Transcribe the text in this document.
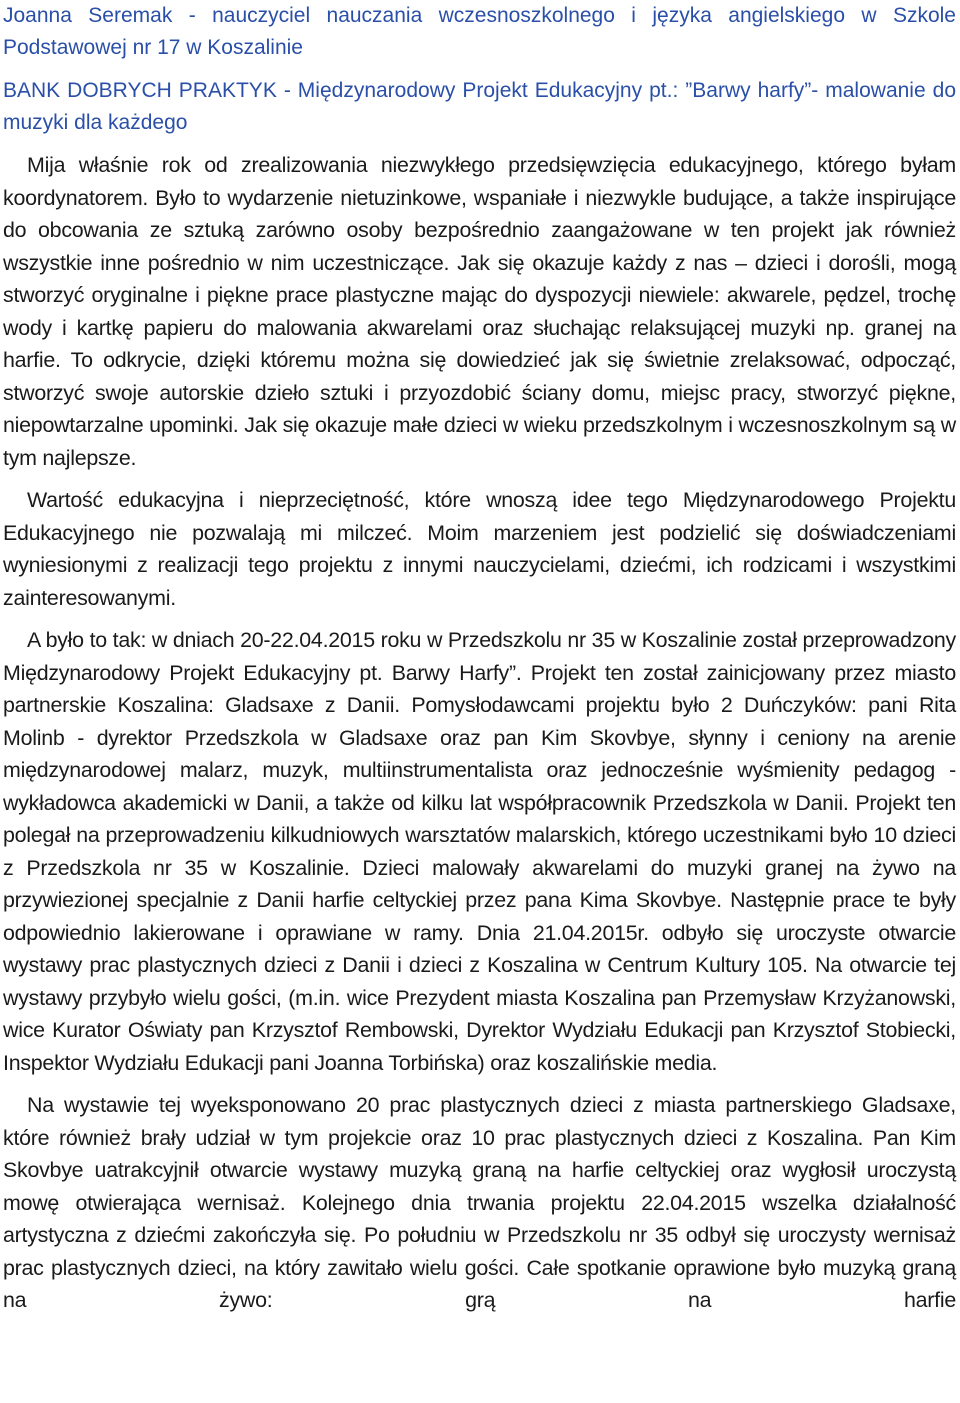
Joanna Seremak - nauczyciel nauczania wczesnoszkolnego i języka angielskiego w Szkole Podstawowej nr 17 w Koszalinie

BANK DOBRYCH PRAKTYK - Międzynarodowy Projekt Edukacyjny pt.: ”Barwy harfy”- malowanie do muzyki dla każdego

Mija właśnie rok od zrealizowania niezwykłego przedsięwzięcia edukacyjnego, którego byłam koordynatorem. Było to wydarzenie nietuzinkowe, wspaniałe i niezwykle budujące, a także inspirujące do obcowania ze sztuką zarówno osoby bezpośrednio zaangażowane w ten projekt jak również wszystkie inne pośrednio w nim uczestniczące. Jak się okazuje każdy z nas – dzieci i dorośli, mogą stworzyć oryginalne i piękne prace plastyczne mając do dyspozycji niewiele: akwarele, pędzel, trochę wody i kartkę papieru do malowania akwarelami oraz słuchając relaksującej muzyki np. granej na harfie. To odkrycie, dzięki któremu można się dowiedzieć jak się świetnie zrelaksować, odpocząć, stworzyć swoje autorskie dzieło sztuki i przyozdobić ściany domu, miejsc pracy, stworzyć piękne, niepowtarzalne upominki. Jak się okazuje małe dzieci w wieku przedszkolnym i wczesnoszkolnym są w tym najlepsze.

Wartość edukacyjna i nieprzeciętność, które wnoszą idee tego Międzynarodowego Projektu Edukacyjnego nie pozwalają mi milczeć. Moim marzeniem jest podzielić się doświadczeniami wyniesionymi z realizacji tego projektu z innymi nauczycielami, dziećmi, ich rodzicami i wszystkimi zainteresowanymi.

A było to tak: w dniach 20-22.04.2015 roku w Przedszkolu nr 35 w Koszalinie został przeprowadzony Międzynarodowy Projekt Edukacyjny pt. Barwy Harfy”. Projekt ten został zainicjowany przez miasto partnerskie Koszalina: Gladsaxe z Danii. Pomysłodawcami projektu było 2 Duńczyków: pani Rita Molinb - dyrektor Przedszkola w Gladsaxe oraz pan Kim Skovbye, słynny i ceniony na arenie międzynarodowej malarz, muzyk, multiinstrumentalista oraz jednocześnie wyśmienity pedagog - wykładowca akademicki w Danii, a także od kilku lat współpracownik Przedszkola w Danii. Projekt ten polegał na przeprowadzeniu kilkudniowych warsztatów malarskich, którego uczestnikami było 10 dzieci z Przedszkola nr 35 w Koszalinie. Dzieci malowały akwarelami do muzyki granej na żywo na przywiezionej specjalnie z Danii harfie celtyckiej przez pana Kima Skovbye. Następnie prace te były odpowiednio lakierowane i oprawiane w ramy. Dnia 21.04.2015r. odbyło się uroczyste otwarcie wystawy prac plastycznych dzieci z Danii i dzieci z Koszalina w Centrum Kultury 105. Na otwarcie tej wystawy przybyło wielu gości, (m.in. wice Prezydent miasta Koszalina pan Przemysław Krzyżanowski, wice Kurator Oświaty pan Krzysztof Rembowski, Dyrektor Wydziału Edukacji pan Krzysztof Stobiecki, Inspektor Wydziału Edukacji pani Joanna Torbińska) oraz koszalińskie media.

Na wystawie tej wyeksponowano 20 prac plastycznych dzieci z miasta partnerskiego Gladsaxe, które również brały udział w tym projekcie oraz 10 prac plastycznych dzieci z Koszalina. Pan Kim Skovbye uatrakcyjnił otwarcie wystawy muzyką graną na harfie celtyckiej oraz wygłosił uroczystą mowę otwierająca wernisaż. Kolejnego dnia trwania projektu 22.04.2015 wszelka działalność artystyczna z dziećmi zakończyła się. Po południu w Przedszkolu nr 35 odbył się uroczysty wernisaż prac plastycznych dzieci, na który zawitało wielu gości. Całe spotkanie oprawione było muzyką graną na żywo: grą na harfie
